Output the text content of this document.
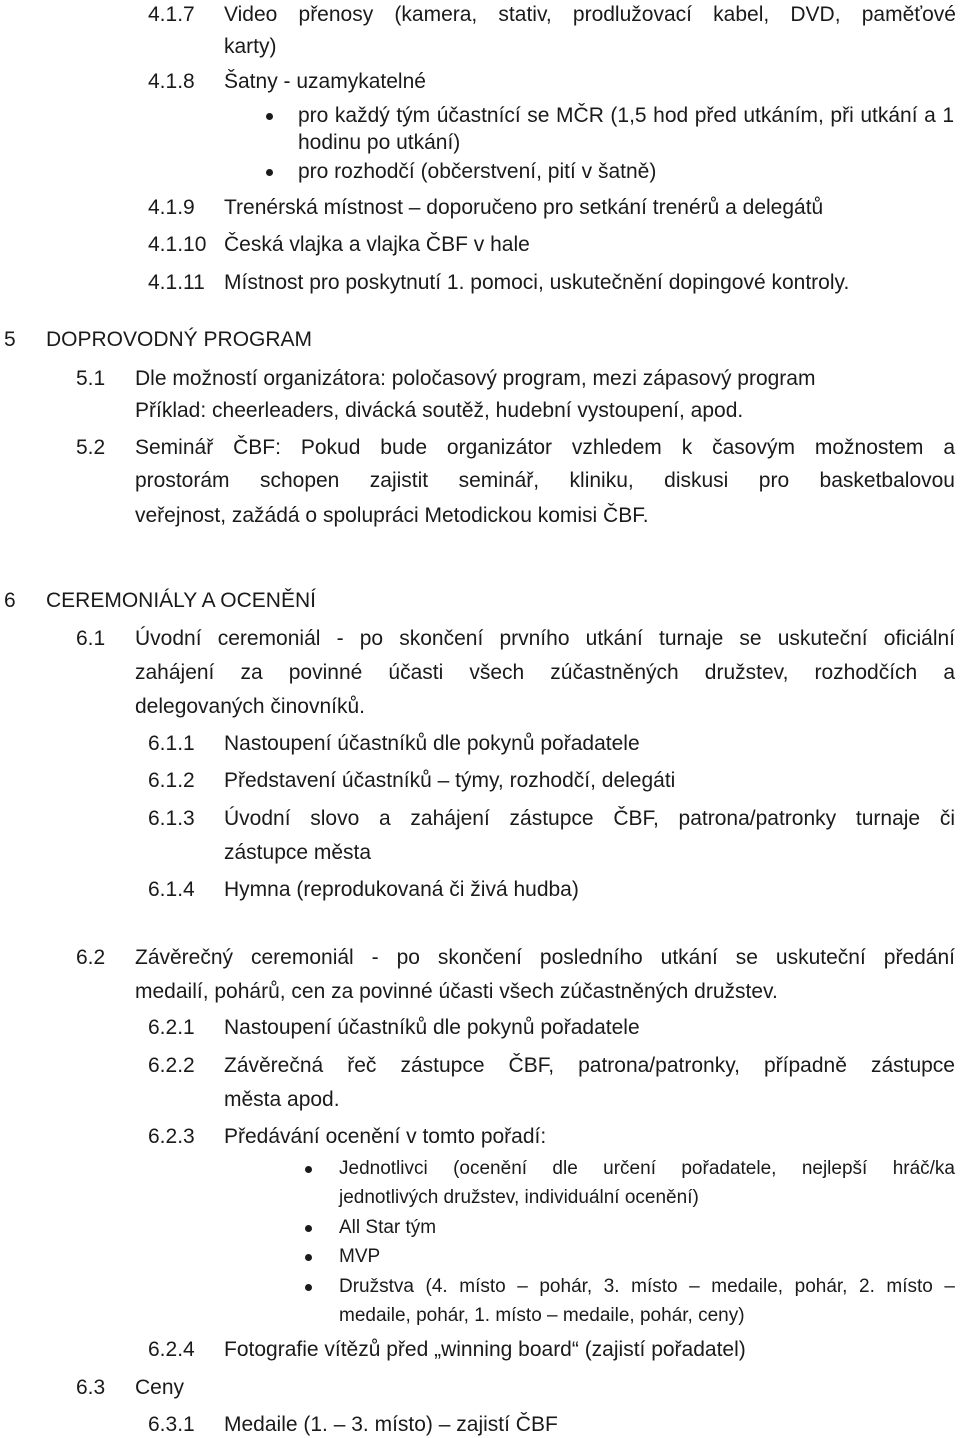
4.1.7 Video přenosy (kamera, stativ, prodlužovací kabel, DVD, paměťové
karty)
4.1.8 Šatny - uzamykatelné
pro každý tým účastnící se MČR (1,5 hod před utkáním, při utkání a 1
hodinu po utkání)
pro rozhodčí (občerstvení, pití v šatně)
4.1.9 Trenérská místnost – doporučeno pro setkání trenérů a delegátů
4.1.10 Česká vlajka a vlajka ČBF v hale
4.1.11 Místnost pro poskytnutí 1. pomoci, uskutečnění dopingové kontroly.
5 DOPROVODNÝ PROGRAM
5.1 Dle možností organizátora: poločasový program, mezi zápasový program
Příklad: cheerleaders, divácká soutěž, hudební vystoupení, apod.
5.2 Seminář ČBF: Pokud bude organizátor vzhledem k časovým možnostem a
prostorám schopen zajistit seminář, kliniku, diskusi pro basketbalovou
veřejnost, zažádá o spolupráci Metodickou komisi ČBF.
6 CEREMONIÁLY A OCENĚNÍ
6.1 Úvodní ceremoniál - po skončení prvního utkání turnaje se uskuteční oficiální
zahájení za povinné účasti všech zúčastněných družstev, rozhodčích a
delegovaných činovníků.
6.1.1 Nastoupení účastníků dle pokynů pořadatele
6.1.2 Představení účastníků – týmy, rozhodčí, delegáti
6.1.3 Úvodní slovo a zahájení zástupce ČBF, patrona/patronky turnaje či
zástupce města
6.1.4 Hymna (reprodukovaná či živá hudba)
6.2 Závěrečný ceremoniál - po skončení posledního utkání se uskuteční předání
medailí, pohárů, cen za povinné účasti všech zúčastněných družstev.
6.2.1 Nastoupení účastníků dle pokynů pořadatele
6.2.2 Závěrečná řeč zástupce ČBF, patrona/patronky, případně zástupce
města apod.
6.2.3 Předávání ocenění v tomto pořadí:
Jednotlivci (ocenění dle určení pořadatele, nejlepší hráč/ka
jednotlivých družstev, individuální ocenění)
All Star tým
MVP
Družstva (4. místo – pohár, 3. místo – medaile, pohár, 2. místo –
medaile, pohár, 1. místo – medaile, pohár, ceny)
6.2.4 Fotografie vítězů před „winning board“ (zajistí pořadatel)
6.3 Ceny
6.3.1 Medaile (1. – 3. místo) – zajistí ČBF
